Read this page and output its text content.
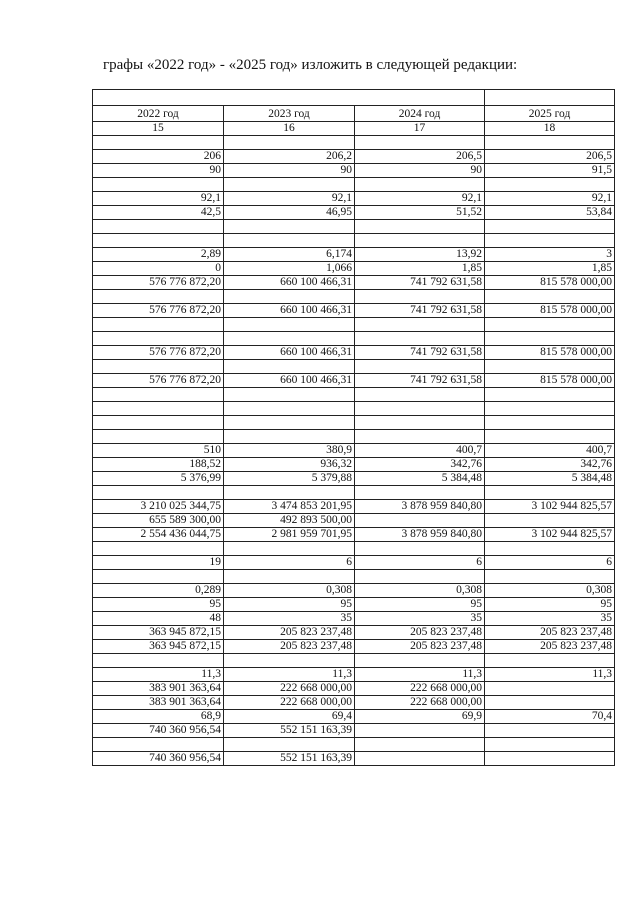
графы «2022 год» - «2025 год» изложить в следующей редакции:

2022 год	2023 год	2024 год	2025 год
15	16	17	18

206	206,2	206,5	206,5
90	90	90	91,5

92,1	92,1	92,1	92,1
42,5	46,95	51,52	53,84

2,89	6,174	13,92	3
0	1,066	1,85	1,85
576 776 872,20	660 100 466,31	741 792 631,58	815 578 000,00

576 776 872,20	660 100 466,31	741 792 631,58	815 578 000,00

576 776 872,20	660 100 466,31	741 792 631,58	815 578 000,00

576 776 872,20	660 100 466,31	741 792 631,58	815 578 000,00

510	380,9	400,7	400,7
188,52	936,32	342,76	342,76
5 376,99	5 379,88	5 384,48	5 384,48

3 210 025 344,75	3 474 853 201,95	3 878 959 840,80	3 102 944 825,57
655 589 300,00	492 893 500,00		
2 554 436 044,75	2 981 959 701,95	3 878 959 840,80	3 102 944 825,57

19	6	6	6

0,289	0,308	0,308	0,308
95	95	95	95
48	35	35	35
363 945 872,15	205 823 237,48	205 823 237,48	205 823 237,48
363 945 872,15	205 823 237,48	205 823 237,48	205 823 237,48

11,3	11,3	11,3	11,3
383 901 363,64	222 668 000,00	222 668 000,00	
383 901 363,64	222 668 000,00	222 668 000,00	
68,9	69,4	69,9	70,4
740 360 956,54	552 151 163,39		

740 360 956,54	552 151 163,39		
